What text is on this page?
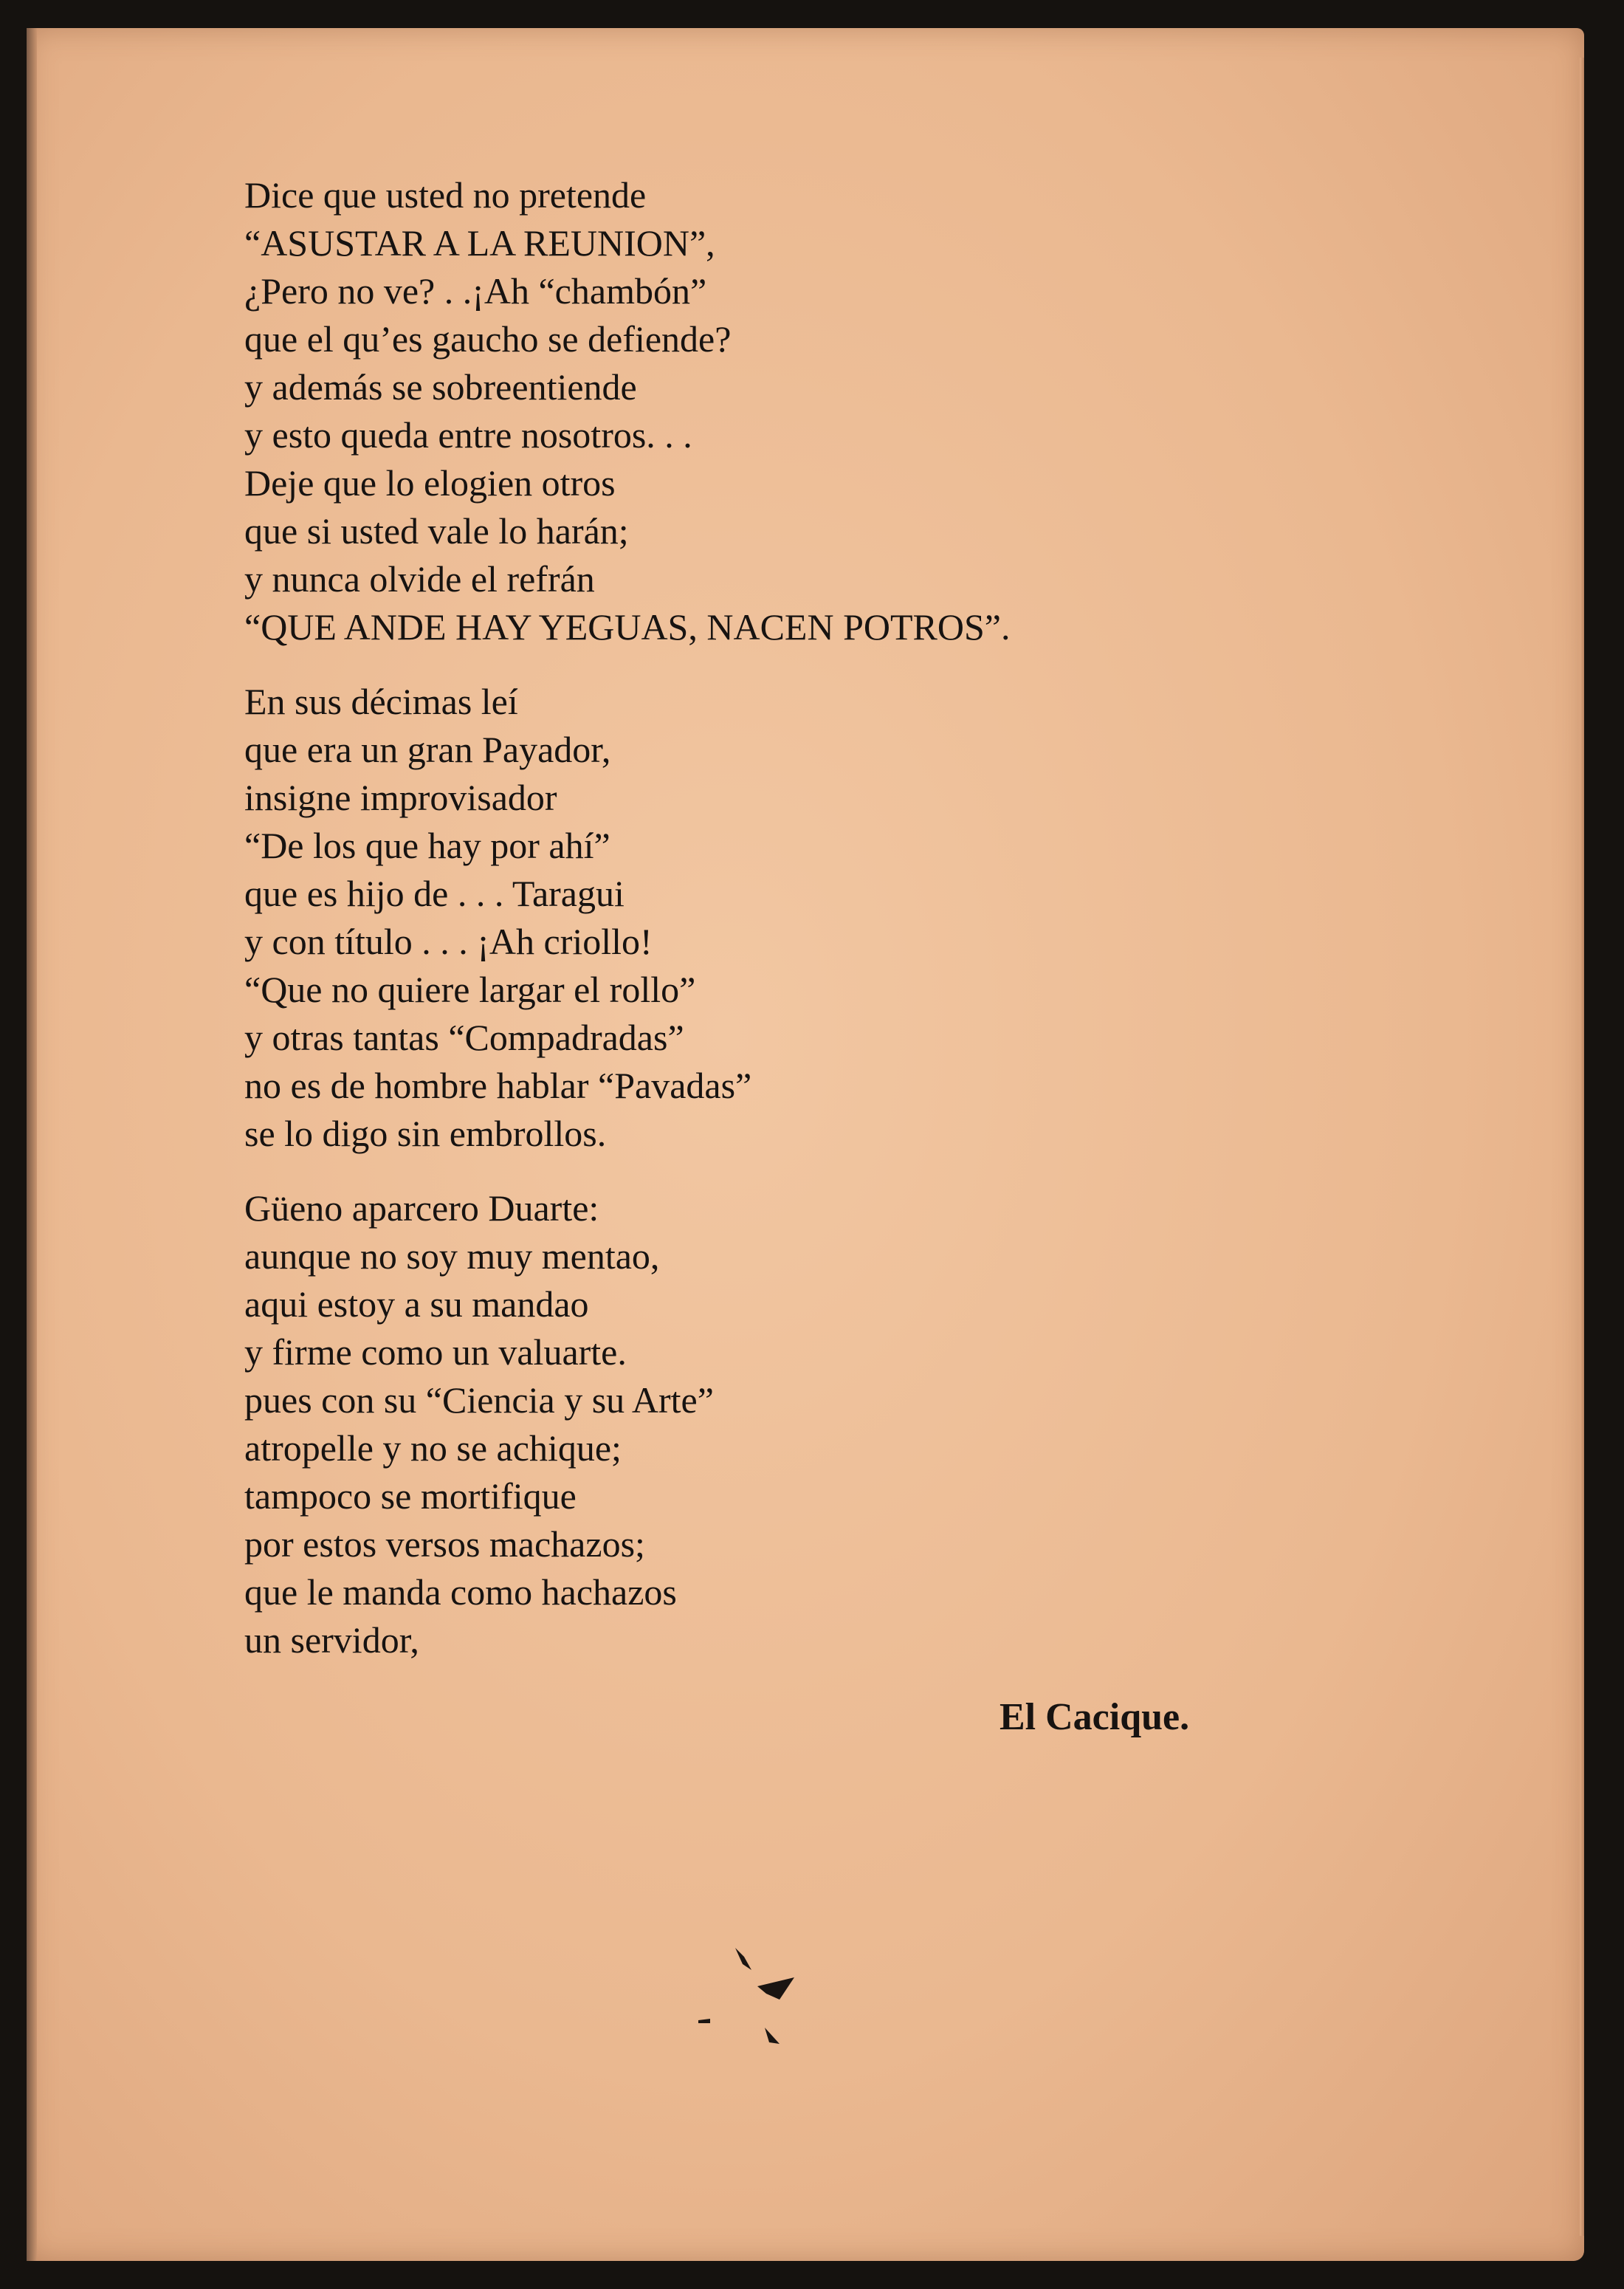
Dice que usted no pretende
“ASUSTAR A LA REUNION”,
¿Pero no ve? . .¡Ah “chambón”
que el qu’es gaucho se defiende?
y además se sobreentiende
y esto queda entre nosotros. . .
Deje que lo elogien otros
que si usted vale lo harán;
y nunca olvide el refrán
“QUE ANDE HAY YEGUAS, NACEN POTROS”.
En sus décimas leí
que era un gran Payador,
insigne improvisador
“De los que hay por ahí”
que es hijo de . . . Taragui
y con título . . . ¡Ah criollo!
“Que no quiere largar el rollo”
y otras tantas “Compadradas”
no es de hombre hablar “Pavadas”
se lo digo sin embrollos.
Güeno aparcero Duarte:
aunque no soy muy mentao,
aqui estoy a su mandao
y firme como un valuarte.
pues con su “Ciencia y su Arte”
atropelle y no se achique;
tampoco se mortifique
por estos versos machazos;
que le manda como hachazos
un servidor,
El Cacique.
